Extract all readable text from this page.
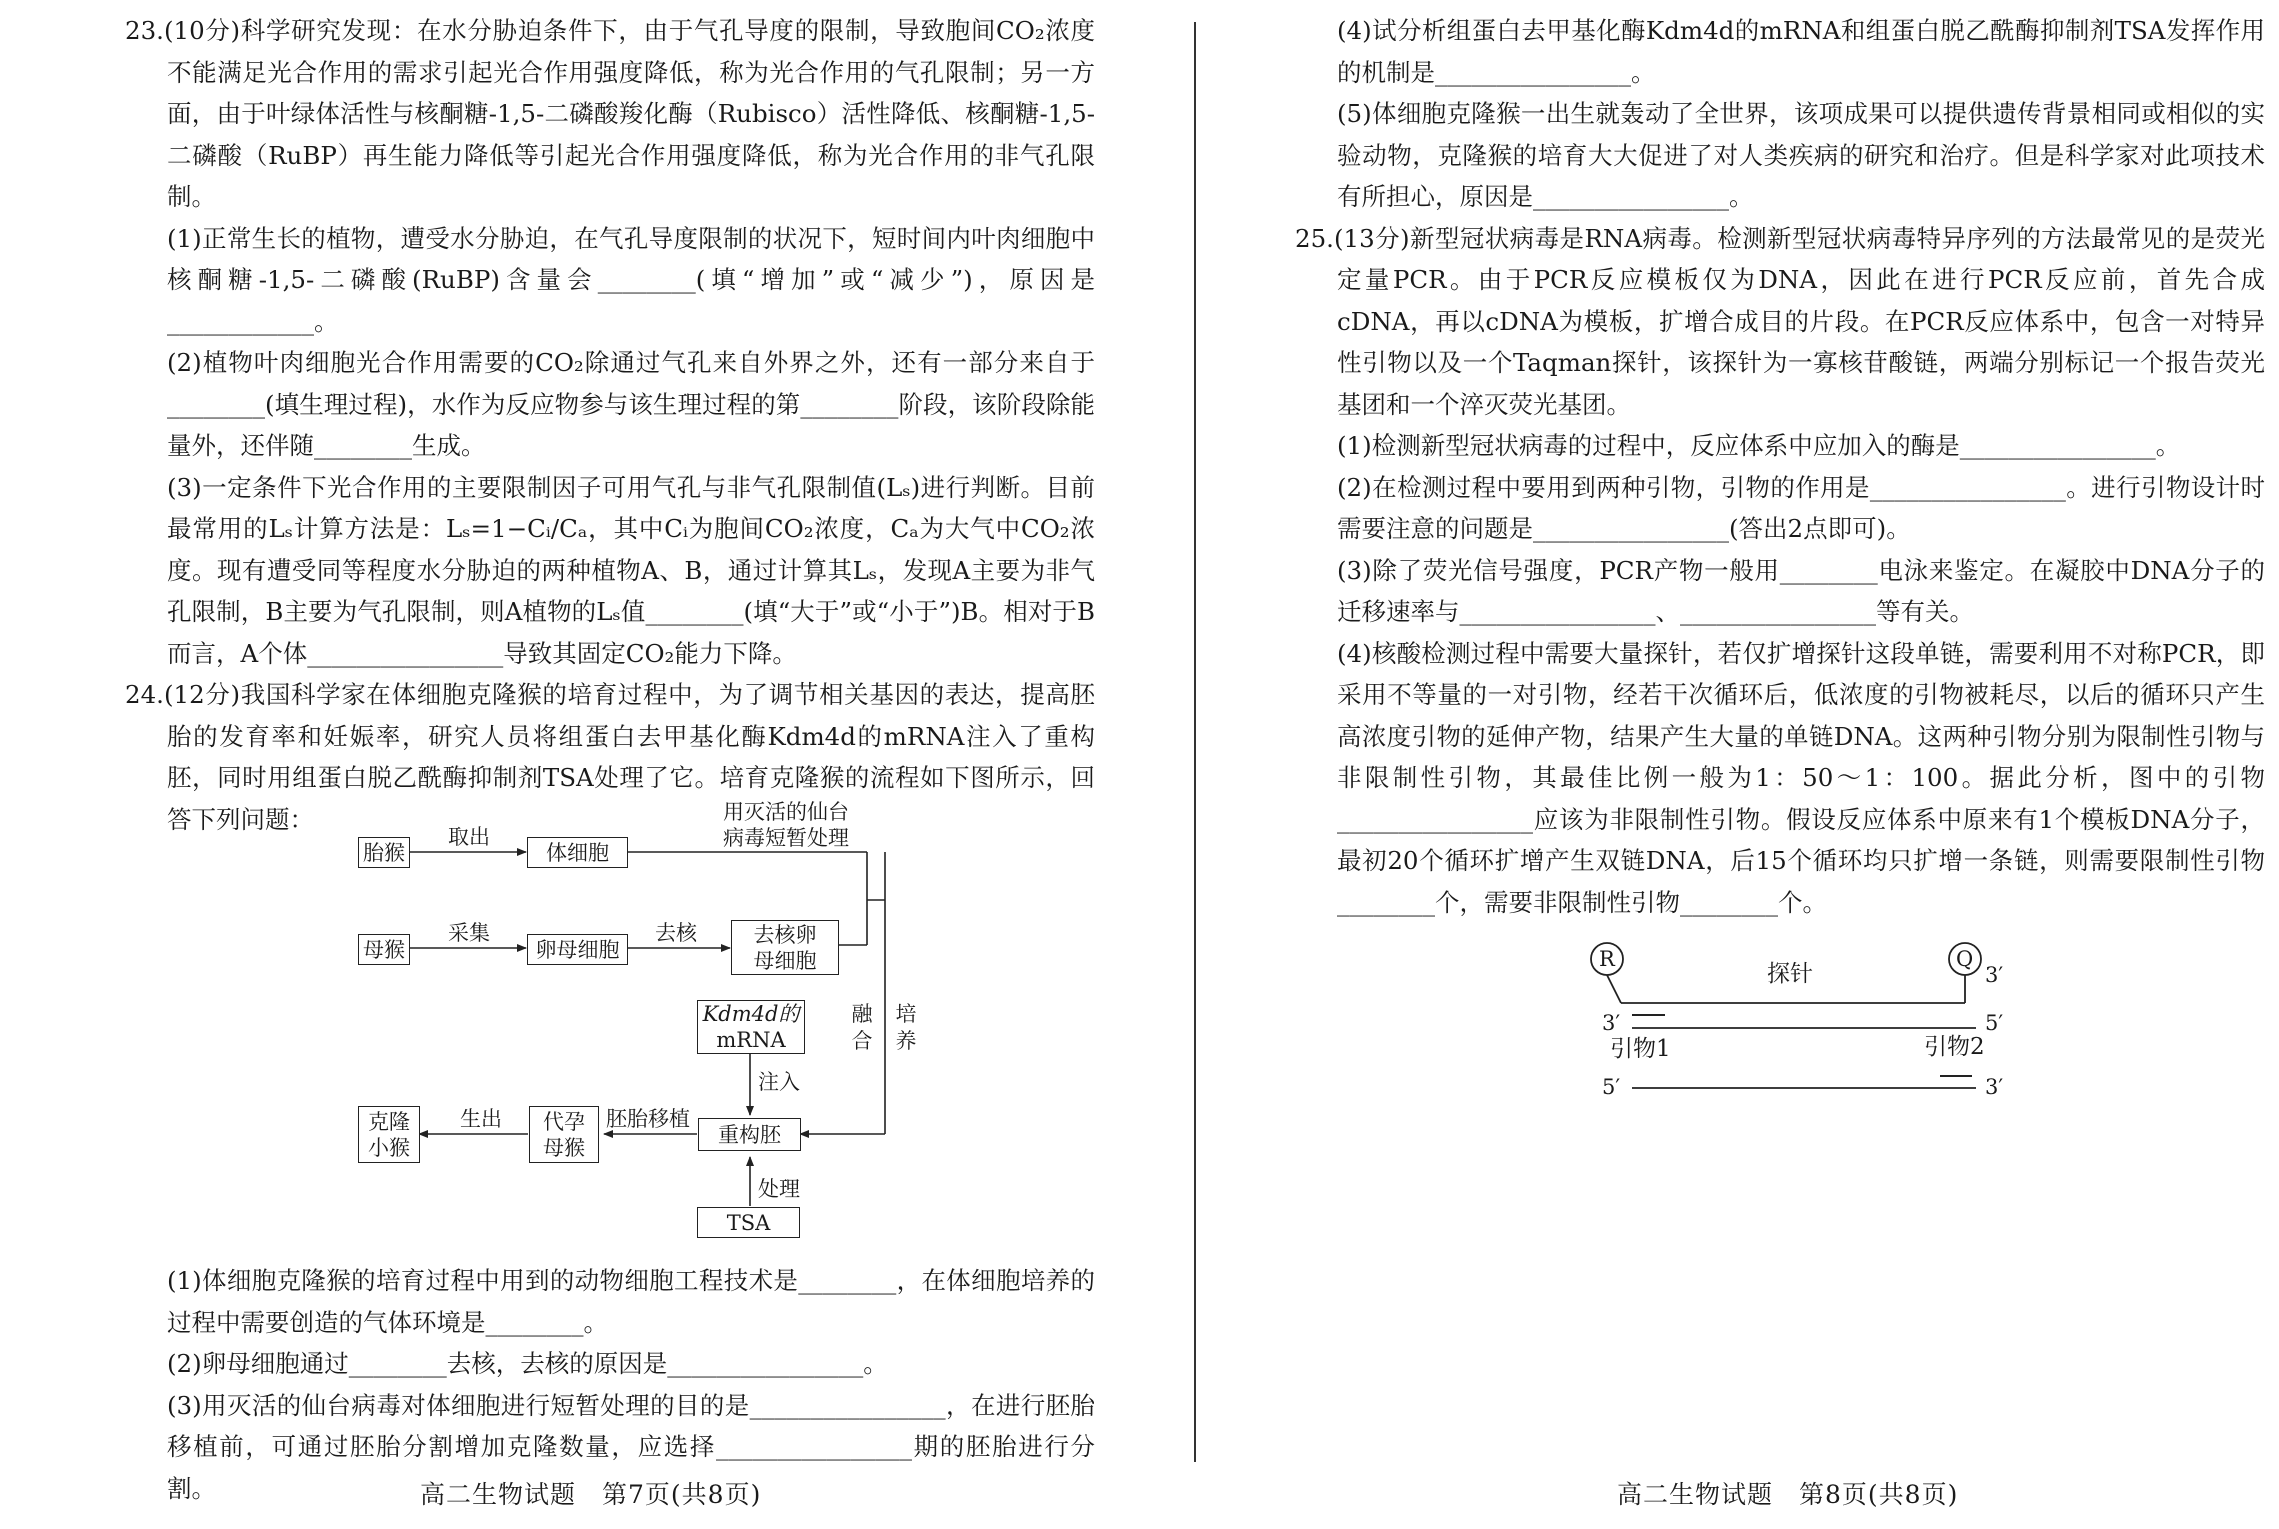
23.(10分)科学研究发现：在水分胁迫条件下，由于气孔导度的限制，导致胞间CO₂浓度不能满足光合作用的需求引起光合作用强度降低，称为光合作用的气孔限制；另一方面，由于叶绿体活性与核酮糖-1,5-二磷酸羧化酶（Rubisco）活性降低、核酮糖-1,5-二磷酸（RuBP）再生能力降低等引起光合作用强度降低，称为光合作用的非气孔限制。

(1)正常生长的植物，遭受水分胁迫，在气孔导度限制的状况下，短时间内叶肉细胞中核酮糖-1,5-二磷酸(RuBP)含量会________(填“增加”或“减少”)，原因是____________。

(2)植物叶肉细胞光合作用需要的CO₂除通过气孔来自外界之外，还有一部分来自于________(填生理过程)，水作为反应物参与该生理过程的第________阶段，该阶段除能量外，还伴随________生成。

(3)一定条件下光合作用的主要限制因子可用气孔与非气孔限制值(Lₛ)进行判断。目前最常用的Lₛ计算方法是：Lₛ=1−Cᵢ/Cₐ，其中Cᵢ为胞间CO₂浓度，Cₐ为大气中CO₂浓度。现有遭受同等程度水分胁迫的两种植物A、B，通过计算其Lₛ，发现A主要为非气孔限制，B主要为气孔限制，则A植物的Lₛ值________(填“大于”或“小于”)B。相对于B而言，A个体________________导致其固定CO₂能力下降。

24.(12分)我国科学家在体细胞克隆猴的培育过程中，为了调节相关基因的表达，提高胚胎的发育率和妊娠率，研究人员将组蛋白去甲基化酶Kdm4d的mRNA注入了重构胚，同时用组蛋白脱乙酰酶抑制剂TSA处理了它。培育克隆猴的流程如下图所示，回答下列问题：

胎猴	体细胞
母猴	卵母细胞
去核卵
母细胞
Kdm4d的
mRNA
重构胚
代孕
母猴
克隆
小猴
TSA
取出
采集	去核
用灭活的仙台
病毒短暂处理
融
合
培
养
注入
处理
胚胎移植
生出

(1)体细胞克隆猴的培育过程中用到的动物细胞工程技术是________，在体细胞培养的过程中需要创造的气体环境是________。

(2)卵母细胞通过________去核，去核的原因是________________。

(3)用灭活的仙台病毒对体细胞进行短暂处理的目的是________________，在进行胚胎移植前，可通过胚胎分割增加克隆数量，应选择________________期的胚胎进行分割。	高二生物试题　第7页(共8页)

(4)试分析组蛋白去甲基化酶Kdm4d的mRNA和组蛋白脱乙酰酶抑制剂TSA发挥作用的机制是________________。

(5)体细胞克隆猴一出生就轰动了全世界，该项成果可以提供遗传背景相同或相似的实验动物，克隆猴的培育大大促进了对人类疾病的研究和治疗。但是科学家对此项技术有所担心，原因是________________。

25.(13分)新型冠状病毒是RNA病毒。检测新型冠状病毒特异序列的方法最常见的是荧光定量PCR。由于PCR反应模板仅为DNA，因此在进行PCR反应前，首先合成cDNA，再以cDNA为模板，扩增合成目的片段。在PCR反应体系中，包含一对特异性引物以及一个Taqman探针，该探针为一寡核苷酸链，两端分别标记一个报告荧光基团和一个淬灭荧光基团。

(1)检测新型冠状病毒的过程中，反应体系中应加入的酶是________________。

(2)在检测过程中要用到两种引物，引物的作用是________________。进行引物设计时需要注意的问题是________________(答出2点即可)。

(3)除了荧光信号强度，PCR产物一般用________电泳来鉴定。在凝胶中DNA分子的迁移速率与________________、________________等有关。

(4)核酸检测过程中需要大量探针，若仅扩增探针这段单链，需要利用不对称PCR，即采用不等量的一对引物，经若干次循环后，低浓度的引物被耗尽，以后的循环只产生高浓度引物的延伸产物，结果产生大量的单链DNA。这两种引物分别为限制性引物与非限制性引物，其最佳比例一般为1：50～1：100。据此分析，图中的引物________________应该为非限制性引物。假设反应体系中原来有1个模板DNA分子，最初20个循环扩增产生双链DNA，后15个循环均只扩增一条链，则需要限制性引物________个，需要非限制性引物________个。

R	Q
探针	3′
3′	5′
引物1	引物2
5′	3′
高二生物试题　第8页(共8页)
